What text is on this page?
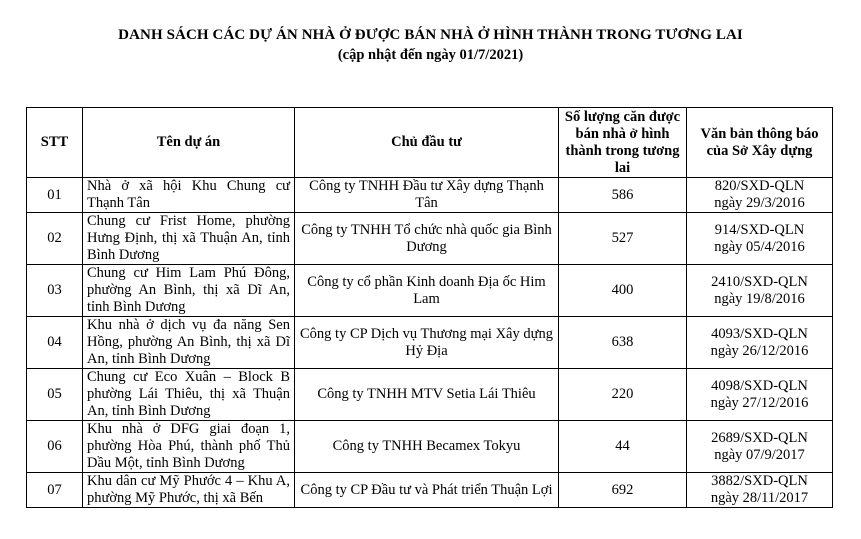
DANH SÁCH CÁC DỰ ÁN NHÀ Ở ĐƯỢC BÁN NHÀ Ở HÌNH THÀNH TRONG TƯƠNG LAI
(cập nhật đến ngày 01/7/2021)
STT	Tên dự án	Chủ đầu tư	Số lượng căn được bán nhà ở hình thành trong tương lai	Văn bản thông báo của Sở Xây dựng
01	Nhà ở xã hội Khu Chung cư Thạnh Tân	Công ty TNHH Đầu tư Xây dựng Thạnh Tân	586	820/SXD-QLN
ngày 29/3/2016

02	Chung cư Frist Home, phường Hưng Định, thị xã Thuận An, tỉnh Bình Dương	Công ty TNHH Tổ chức nhà quốc gia Bình Dương	527	914/SXD-QLN
ngày 05/4/2016

03	Chung cư Him Lam Phú Đông, phường An Bình, thị xã Dĩ An, tỉnh Bình Dương	Công ty cổ phần Kinh doanh Địa ốc Him Lam	400	2410/SXD-QLN
ngày 19/8/2016

04	Khu nhà ở dịch vụ đa năng Sen Hồng, phường An Bình, thị xã Dĩ An, tỉnh Bình Dương	Công ty CP Dịch vụ Thương mại Xây dựng Hỷ Địa	638	4093/SXD-QLN
ngày 26/12/2016

05	Chung cư Eco Xuân – Block B phường Lái Thiêu, thị xã Thuận An, tỉnh Bình Dương	Công ty TNHH MTV Setia Lái Thiêu	220	4098/SXD-QLN
ngày 27/12/2016

06	Khu nhà ở DFG giai đoạn 1, phường Hòa Phú, thành phố Thủ Dầu Một, tỉnh Bình Dương	Công ty TNHH Becamex Tokyu	44	2689/SXD-QLN
ngày 07/9/2017

07	Khu dân cư Mỹ Phước 4 – Khu A, phường Mỹ Phước, thị xã Bến	Công ty CP Đầu tư và Phát triển Thuận Lợi	692	3882/SXD-QLN
ngày 28/11/2017
